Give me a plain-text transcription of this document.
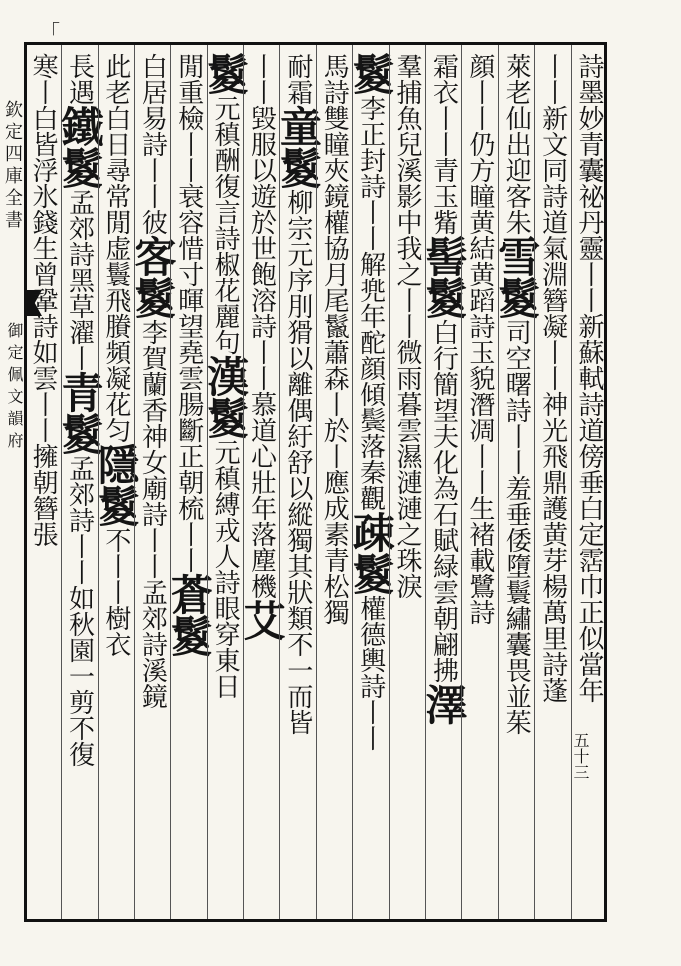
「
欽定四庫全書
御定佩文韻府	詩墨妙青囊祕丹靈丨丨新蘇軾詩道傍垂白定霑巾正似當年
丨丨新文同詩道氣淵簪凝丨丨神光飛鼎護黄芽楊萬里詩蓬
萊老仙出迎客朱雪鬉司空曙詩丨丨羞垂倭墮鬟繡囊畏並茱
顔丨丨仍方瞳黄結黄蹈詩玉貌潛凋丨丨生褚載鷺詩
霜衣丨丨青玉觜髻鬉白行簡望夫化為石賦緑雲朝翩拂澤
羣捕魚兒溪影中我之丨丨微雨暮雲濕漣漣之珠淚
鬉李正封詩丨丨解兠年酡顔傾鬓落秦觀疎鬉權德輿詩丨丨
馬詩雙瞳夾鏡權協月尾鬣蕭森丨於丨應成素青松獨
耐霜童鬉柳宗元序刖猾以離偶紆舒以縱獨其狀類不一而皆
丨丨毀服以遊於世飽溶詩丨丨慕道心壯年落塵機艾
鬉元稹酬復言詩椒花麗句漢鬉元稹縛戎人詩眼穿東日
閒重檢丨丨衰容惜寸暉望堯雲腸斷正朝梳丨丨蒼鬉
白居易詩丨丨彼客鬉李賀蘭香神女廟詩丨丨孟郊詩溪鏡
此老白日尋常閒虚鬟飛賸頻凝花匀隱鬉不丨丨樹衣
長遇鐵鬉孟郊詩黑草濯丨青鬉孟郊詩丨丨如秋園一剪不復
寒丨白皆浮氷錢生曾鞏詩如雲丨丨擁朝簪張
五十三
